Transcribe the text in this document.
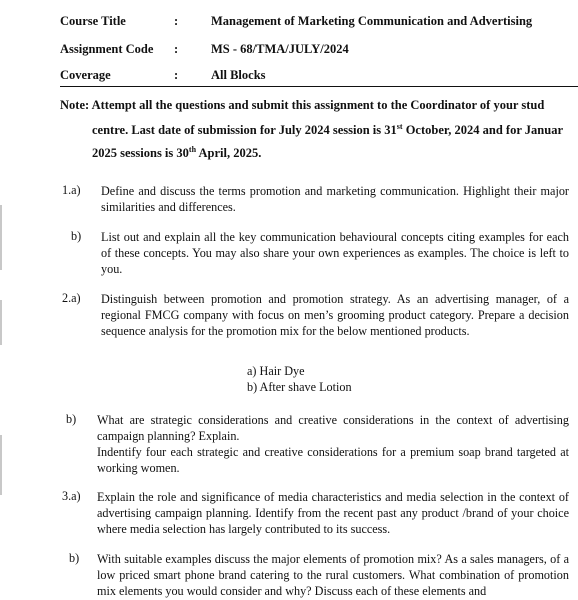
Course Title	:	Management of Marketing Communication and Advertising
Assignment Code :	MS - 68/TMA/JULY/2024
Coverage	:	All Blocks
Note: Attempt all the questions and submit this assignment to the Coordinator of your stud
centre. Last date of submission for July 2024 session is 31st October, 2024 and for Januar
2025 sessions is 30th April, 2025.
1.a) Define and discuss the terms promotion and marketing communication. Highlight their major similarities and differences.
b) List out and explain all the key communication behavioural concepts citing examples for each of these concepts. You may also share your own experiences as examples. The choice is left to you.
2.a) Distinguish between promotion and promotion strategy. As an advertising manager, of a regional FMCG company with focus on men’s grooming product category. Prepare a decision sequence analysis for the promotion mix for the below mentioned products.
a) Hair Dye
b) After shave Lotion
b) What are strategic considerations and creative considerations in the context of advertising campaign planning? Explain.
Indentify four each strategic and creative considerations for a premium soap brand targeted at working women.
3.a) Explain the role and significance of media characteristics and media selection in the context of advertising campaign planning. Identify from the recent past any product /brand of your choice where media selection has largely contributed to its success.
b) With suitable examples discuss the major elements of promotion mix? As a sales managers, of a low priced smart phone brand catering to the rural customers. What combination of promotion mix elements you would consider and why? Discuss each of these elements and
